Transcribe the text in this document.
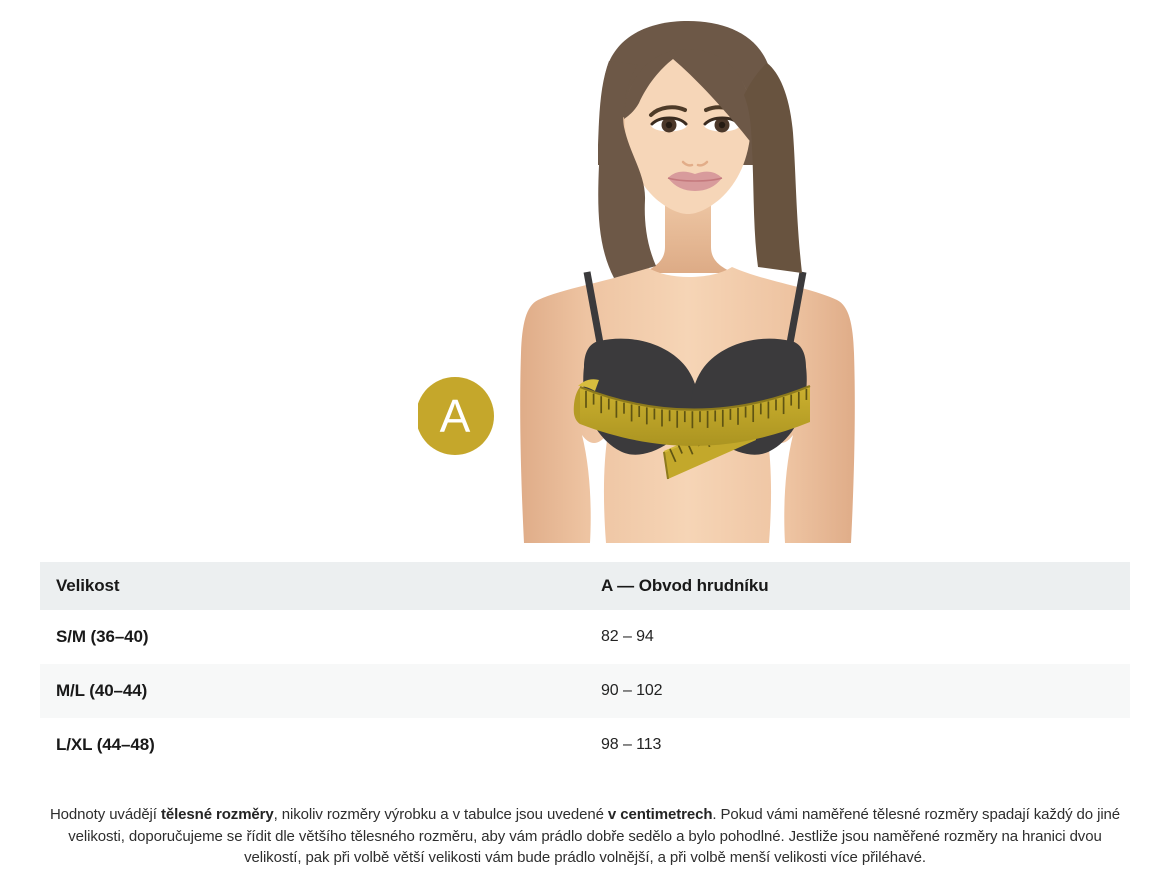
A
Velikost	A — Obvod hrudníku
S/M (36–40)	82 – 94
M/L (40–44)	90 – 102
L/XL (44–48)	98 – 113

Hodnoty uvádějí tělesné rozměry, nikoliv rozměry výrobku a v tabulce jsou uvedené v centimetrech. Pokud vámi naměřené tělesné rozměry spadají každý do jiné velikosti, doporučujeme se řídit dle většího tělesného rozměru, aby vám prádlo dobře sedělo a bylo pohodlné. Jestliže jsou naměřené rozměry na hranici dvou velikostí, pak při volbě větší velikosti vám bude prádlo volnější, a při volbě menší velikosti více přiléhavé.
